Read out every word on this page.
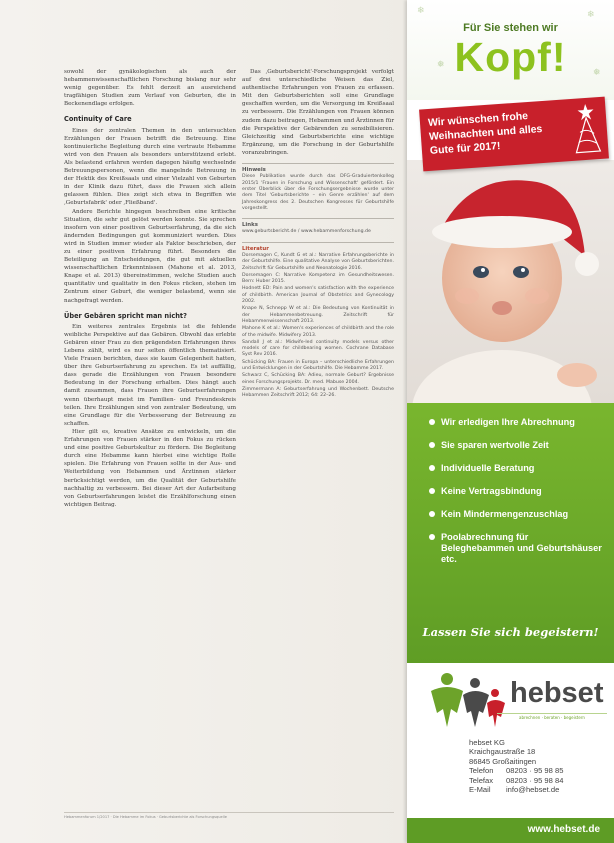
sowohl der gynäkologischen als auch der hebammenwissenschaftlichen Forschung bislang nur sehr wenig gegenüber. Es fehlt derzeit an ausreichend tragfähigen Studien zum Verlauf von Geburten, die in Beckenendlage erfolgen.

Continuity of Care

Eines der zentralen Themen in den untersuchten Erzählungen der Frauen betrifft die Betreuung. Eine kontinuierliche Begleitung durch eine vertraute Hebamme wird von den Frauen als besonders unterstützend erlebt. Als belastend erfahren werden dagegen häufig wechselnde Betreuungspersonen, wenn die mangelnde Betreuung in der Hektik des Kreißsaals und einer Vielzahl von Geburten in der Klinik dazu führt, dass die Frauen sich allein gelassen fühlen. Dies zeigt sich etwa in Begriffen wie ‚Geburtsfabrik' oder ‚Fließband'.

Andere Berichte hingegen beschreiben eine kritische Situation, die sehr gut gelöst werden konnte. Sie sprechen insofern von einer positiven Geburtserfahrung, da die sich ändernden Bedingungen gut kommuniziert wurden. Dies wird in Studien immer wieder als Faktor beschrieben, der zu einer positiven Erfahrung führt. Besonders die Beteiligung an Entscheidungen, die gut mit aktuellen wissenschaftlichen Erkenntnissen (Mahone et al. 2013, Knape et al. 2013) übereinstimmen, welche Studien auch quantitativ und qualitativ in den Fokus rücken, stehen im Zentrum einer Geburt, die weniger belastend, wenn sie nachgefragt werden.

Über Gebären spricht man nicht?

Ein weiteres zentrales Ergebnis ist die fehlende weibliche Perspektive auf das Gebären. Obwohl das erlebte Gebären einer Frau zu den prägendsten Erfahrungen ihres Lebens zählt, wird es nur selten öffentlich thematisiert. Viele Frauen berichten, dass sie kaum Gelegenheit hatten, über ihre Geburtserfahrung zu sprechen. Es ist auffällig, dass gerade die Erzählungen von Frauen besondere Bedeutung in der Forschung erhalten. Dies hängt auch damit zusammen, dass Frauen ihre Geburtserfahrungen wenn überhaupt meist im Familien- und Freundeskreis teilen. Ihre Erzählungen sind von zentraler Bedeutung, um eine Grundlage für die Verbesserung der Betreuung zu schaffen.

Hier gilt es, kreative Ansätze zu entwickeln, um die Erfahrungen von Frauen stärker in den Fokus zu rücken und eine positive Geburtskultur zu fördern. Die Begleitung durch eine Hebamme kann hierbei eine wichtige Rolle spielen. Die Erfahrung von Frauen sollte in der Aus- und Weiterbildung von Hebammen und Ärztinnen stärker berücksichtigt werden, um die Qualität der Geburtshilfe nachhaltig zu verbessern. Bei dieser Art der Aufarbeitung von Geburtserfahrungen leistet die Erzählforschung einen wichtigen Beitrag.

Das ‚Geburtsbericht'-Forschungsprojekt verfolgt auf drei unterschiedliche Weisen das Ziel, authentische Erfahrungen von Frauen zu erfassen. Mit den Geburtsberichten soll eine Grundlage geschaffen werden, um die Versorgung im Kreißsaal zu verbessern. Die Erzählungen von Frauen können zudem dazu beitragen, Hebammen und Ärztinnen für die Perspektive der Gebärenden zu sensibilisieren. Gleichzeitig sind Geburtsberichte eine wichtige Ergänzung, um die Forschung in der Geburtshilfe voranzubringen.

Hinweis

Diese Publikation wurde durch das DFG-Graduiertenkolleg 2015/1 'Frauen in Forschung und Wissenschaft' gefördert. Ein erster Überblick über die Forschungsergebnisse wurde unter dem Titel 'Geburtsberichte – ein Genre erzählen' auf dem Jahreskongress des 2. Deutschen Kongresses für Geburtshilfe vorgestellt.

Links

www.geburtsbericht.de / www.hebammenforschung.de

Literatur

Dorsemagen C, Kundt G et al.: Narrative Erfahrungsberichte in der Geburtshilfe. Eine qualitative Analyse von Geburtsberichten. Zeitschrift für Geburtshilfe und Neonatologie 2016.

Dorsemagen C: Narrative Kompetenz im Gesundheitswesen. Bern: Huber 2015.

Hodnett ED: Pain and women's satisfaction with the experience of childbirth. American Journal of Obstetrics and Gynecology 2002.

Knape N, Schnepp W et al.: Die Bedeutung von Kontinuität in der Hebammenbetreuung. Zeitschrift für Hebammenwissenschaft 2013.

Mahone K et al.: Women's experiences of childbirth and the role of the midwife. Midwifery 2013.

Sandall J et al.: Midwife-led continuity models versus other models of care for childbearing women. Cochrane Database Syst Rev 2016.

Schücking BA: Frauen in Europa – unterschiedliche Erfahrungen und Entwicklungen in der Geburtshilfe. Die Hebamme 2017.

Schwarz C, Schücking BA: Adieu, normale Geburt? Ergebnisse eines Forschungsprojekts. Dr. med. Mabuse 2004.

Zimmermann A: Geburtserfahrung und Wochenbett. Deutsche Hebammen Zeitschrift 2012; 64: 22–26.

Hebammenforum 1/2017 · Die Hebamme im Fokus · Geburtsberichte als Forschungsquelle
❄	❄
❅
❅
Für Sie stehen wir
Kopf!
Wir wünschen frohe Weihnachten und alles Gute für 2017!
Wir erledigen Ihre Abrechnung
Sie sparen wertvolle Zeit
Individuelle Beratung
Keine Vertragsbindung
Kein Mindermengenzuschlag
Poolabrechnung für
Beleghebammen und Geburtshäuser etc.
Lassen Sie sich begeistern!
hebset
abrechnen · beraten · begeistern
hebset KG
Kraichgaustraße 18
86845 Großaitingen
Telefon	08203 · 95 98 85
Telefax	08203 · 95 98 84
E-Mail	info@hebset.de
www.hebset.de
